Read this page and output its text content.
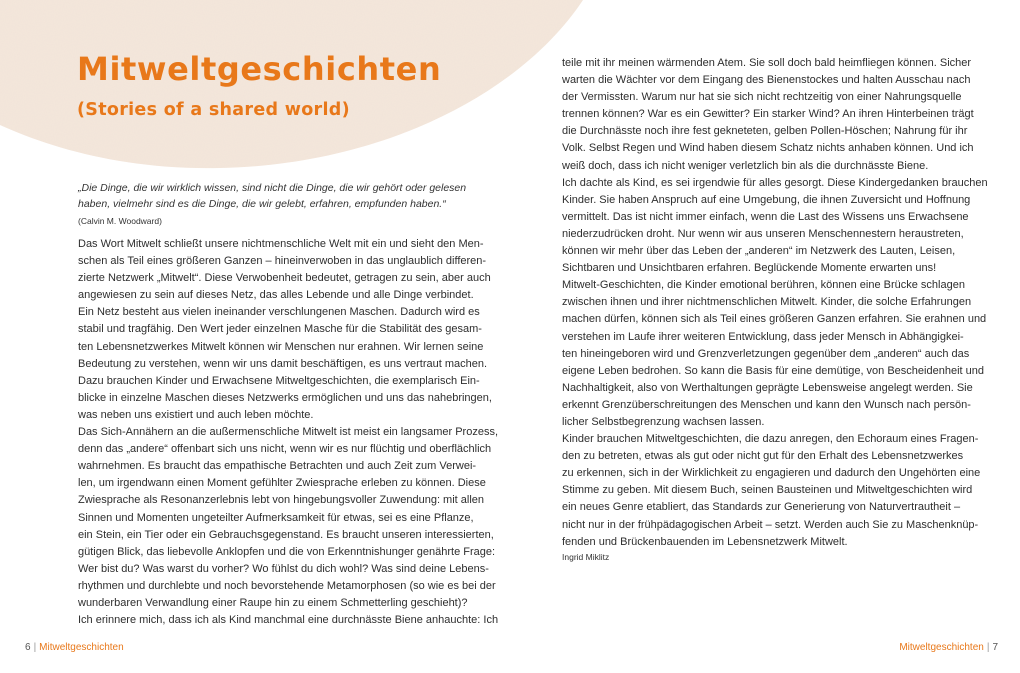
Mitweltgeschichten
(Stories of a shared world)
„Die Dinge, die wir wirklich wissen, sind nicht die Dinge, die wir gehört oder gelesen
haben, vielmehr sind es die Dinge, die wir gelebt, erfahren, empfunden haben.“
(Calvin M. Woodward)
Das Wort Mitwelt schließt unsere nichtmenschliche Welt mit ein und sieht den Men-
schen als Teil eines größeren Ganzen – hineinverwoben in das unglaublich differen-
zierte Netzwerk „Mitwelt“. Diese Verwobenheit bedeutet, getragen zu sein, aber auch
angewiesen zu sein auf dieses Netz, das alles Lebende und alle Dinge verbindet.
Ein Netz besteht aus vielen ineinander verschlungenen Maschen. Dadurch wird es
stabil und tragfähig. Den Wert jeder einzelnen Masche für die Stabilität des gesam-
ten Lebensnetzwerkes Mitwelt können wir Menschen nur erahnen. Wir lernen seine
Bedeutung zu verstehen, wenn wir uns damit beschäftigen, es uns vertraut machen.
Dazu brauchen Kinder und Erwachsene Mitweltgeschichten, die exemplarisch Ein-
blicke in einzelne Maschen dieses Netzwerks ermöglichen und uns das nahebringen,
was neben uns existiert und auch leben möchte.
Das Sich-Annähern an die außermenschliche Mitwelt ist meist ein langsamer Prozess,
denn das „andere“ offenbart sich uns nicht, wenn wir es nur flüchtig und oberflächlich
wahrnehmen. Es braucht das empathische Betrachten und auch Zeit zum Verwei-
len, um irgendwann einen Moment gefühlter Zwiesprache erleben zu können. Diese
Zwiesprache als Resonanzerlebnis lebt von hingebungsvoller Zuwendung: mit allen
Sinnen und Momenten ungeteilter Aufmerksamkeit für etwas, sei es eine Pflanze,
ein Stein, ein Tier oder ein Gebrauchsgegenstand. Es braucht unseren interessierten,
gütigen Blick, das liebevolle Anklopfen und die von Erkenntnishunger genährte Frage:
Wer bist du? Was warst du vorher? Wo fühlst du dich wohl? Was sind deine Lebens-
rhythmen und durchlebte und noch bevorstehende Metamorphosen (so wie es bei der
wunderbaren Verwandlung einer Raupe hin zu einem Schmetterling geschieht)?
Ich erinnere mich, dass ich als Kind manchmal eine durchnässte Biene anhauchte: Ich
teile mit ihr meinen wärmenden Atem. Sie soll doch bald heimfliegen können. Sicher
warten die Wächter vor dem Eingang des Bienenstockes und halten Ausschau nach
der Vermissten. Warum nur hat sie sich nicht rechtzeitig von einer Nahrungsquelle
trennen können? War es ein Gewitter? Ein starker Wind? An ihren Hinterbeinen trägt
die Durchnässte noch ihre fest gekneteten, gelben Pollen-Höschen; Nahrung für ihr
Volk. Selbst Regen und Wind haben diesem Schatz nichts anhaben können. Und ich
weiß doch, dass ich nicht weniger verletzlich bin als die durchnässte Biene.
Ich dachte als Kind, es sei irgendwie für alles gesorgt. Diese Kindergedanken brauchen
Kinder. Sie haben Anspruch auf eine Umgebung, die ihnen Zuversicht und Hoffnung
vermittelt. Das ist nicht immer einfach, wenn die Last des Wissens uns Erwachsene
niederzudrücken droht. Nur wenn wir aus unseren Menschennestern heraustreten,
können wir mehr über das Leben der „anderen“ im Netzwerk des Lauten, Leisen,
Sichtbaren und Unsichtbaren erfahren. Beglückende Momente erwarten uns!
Mitwelt-Geschichten, die Kinder emotional berühren, können eine Brücke schlagen
zwischen ihnen und ihrer nichtmenschlichen Mitwelt. Kinder, die solche Erfahrungen
machen dürfen, können sich als Teil eines größeren Ganzen erfahren. Sie erahnen und
verstehen im Laufe ihrer weiteren Entwicklung, dass jeder Mensch in Abhängigkei-
ten hineingeboren wird und Grenzverletzungen gegenüber dem „anderen“ auch das
eigene Leben bedrohen. So kann die Basis für eine demütige, von Bescheidenheit und
Nachhaltigkeit, also von Werthaltungen geprägte Lebensweise angelegt werden. Sie
erkennt Grenzüberschreitungen des Menschen und kann den Wunsch nach persön-
licher Selbstbegrenzung wachsen lassen.
Kinder brauchen Mitweltgeschichten, die dazu anregen, den Echoraum eines Fragen-
den zu betreten, etwas als gut oder nicht gut für den Erhalt des Lebensnetzwerkes
zu erkennen, sich in der Wirklichkeit zu engagieren und dadurch den Ungehörten eine
Stimme zu geben. Mit diesem Buch, seinen Bausteinen und Mitweltgeschichten wird
ein neues Genre etabliert, das Standards zur Generierung von Naturvertrautheit –
nicht nur in der frühpädagogischen Arbeit – setzt. Werden auch Sie zu Maschenknüp-
fenden und Brückenbauenden im Lebensnetzwerk Mitwelt.
Ingrid Miklitz
6 | Mitweltgeschichten	Mitweltgeschichten | 7
